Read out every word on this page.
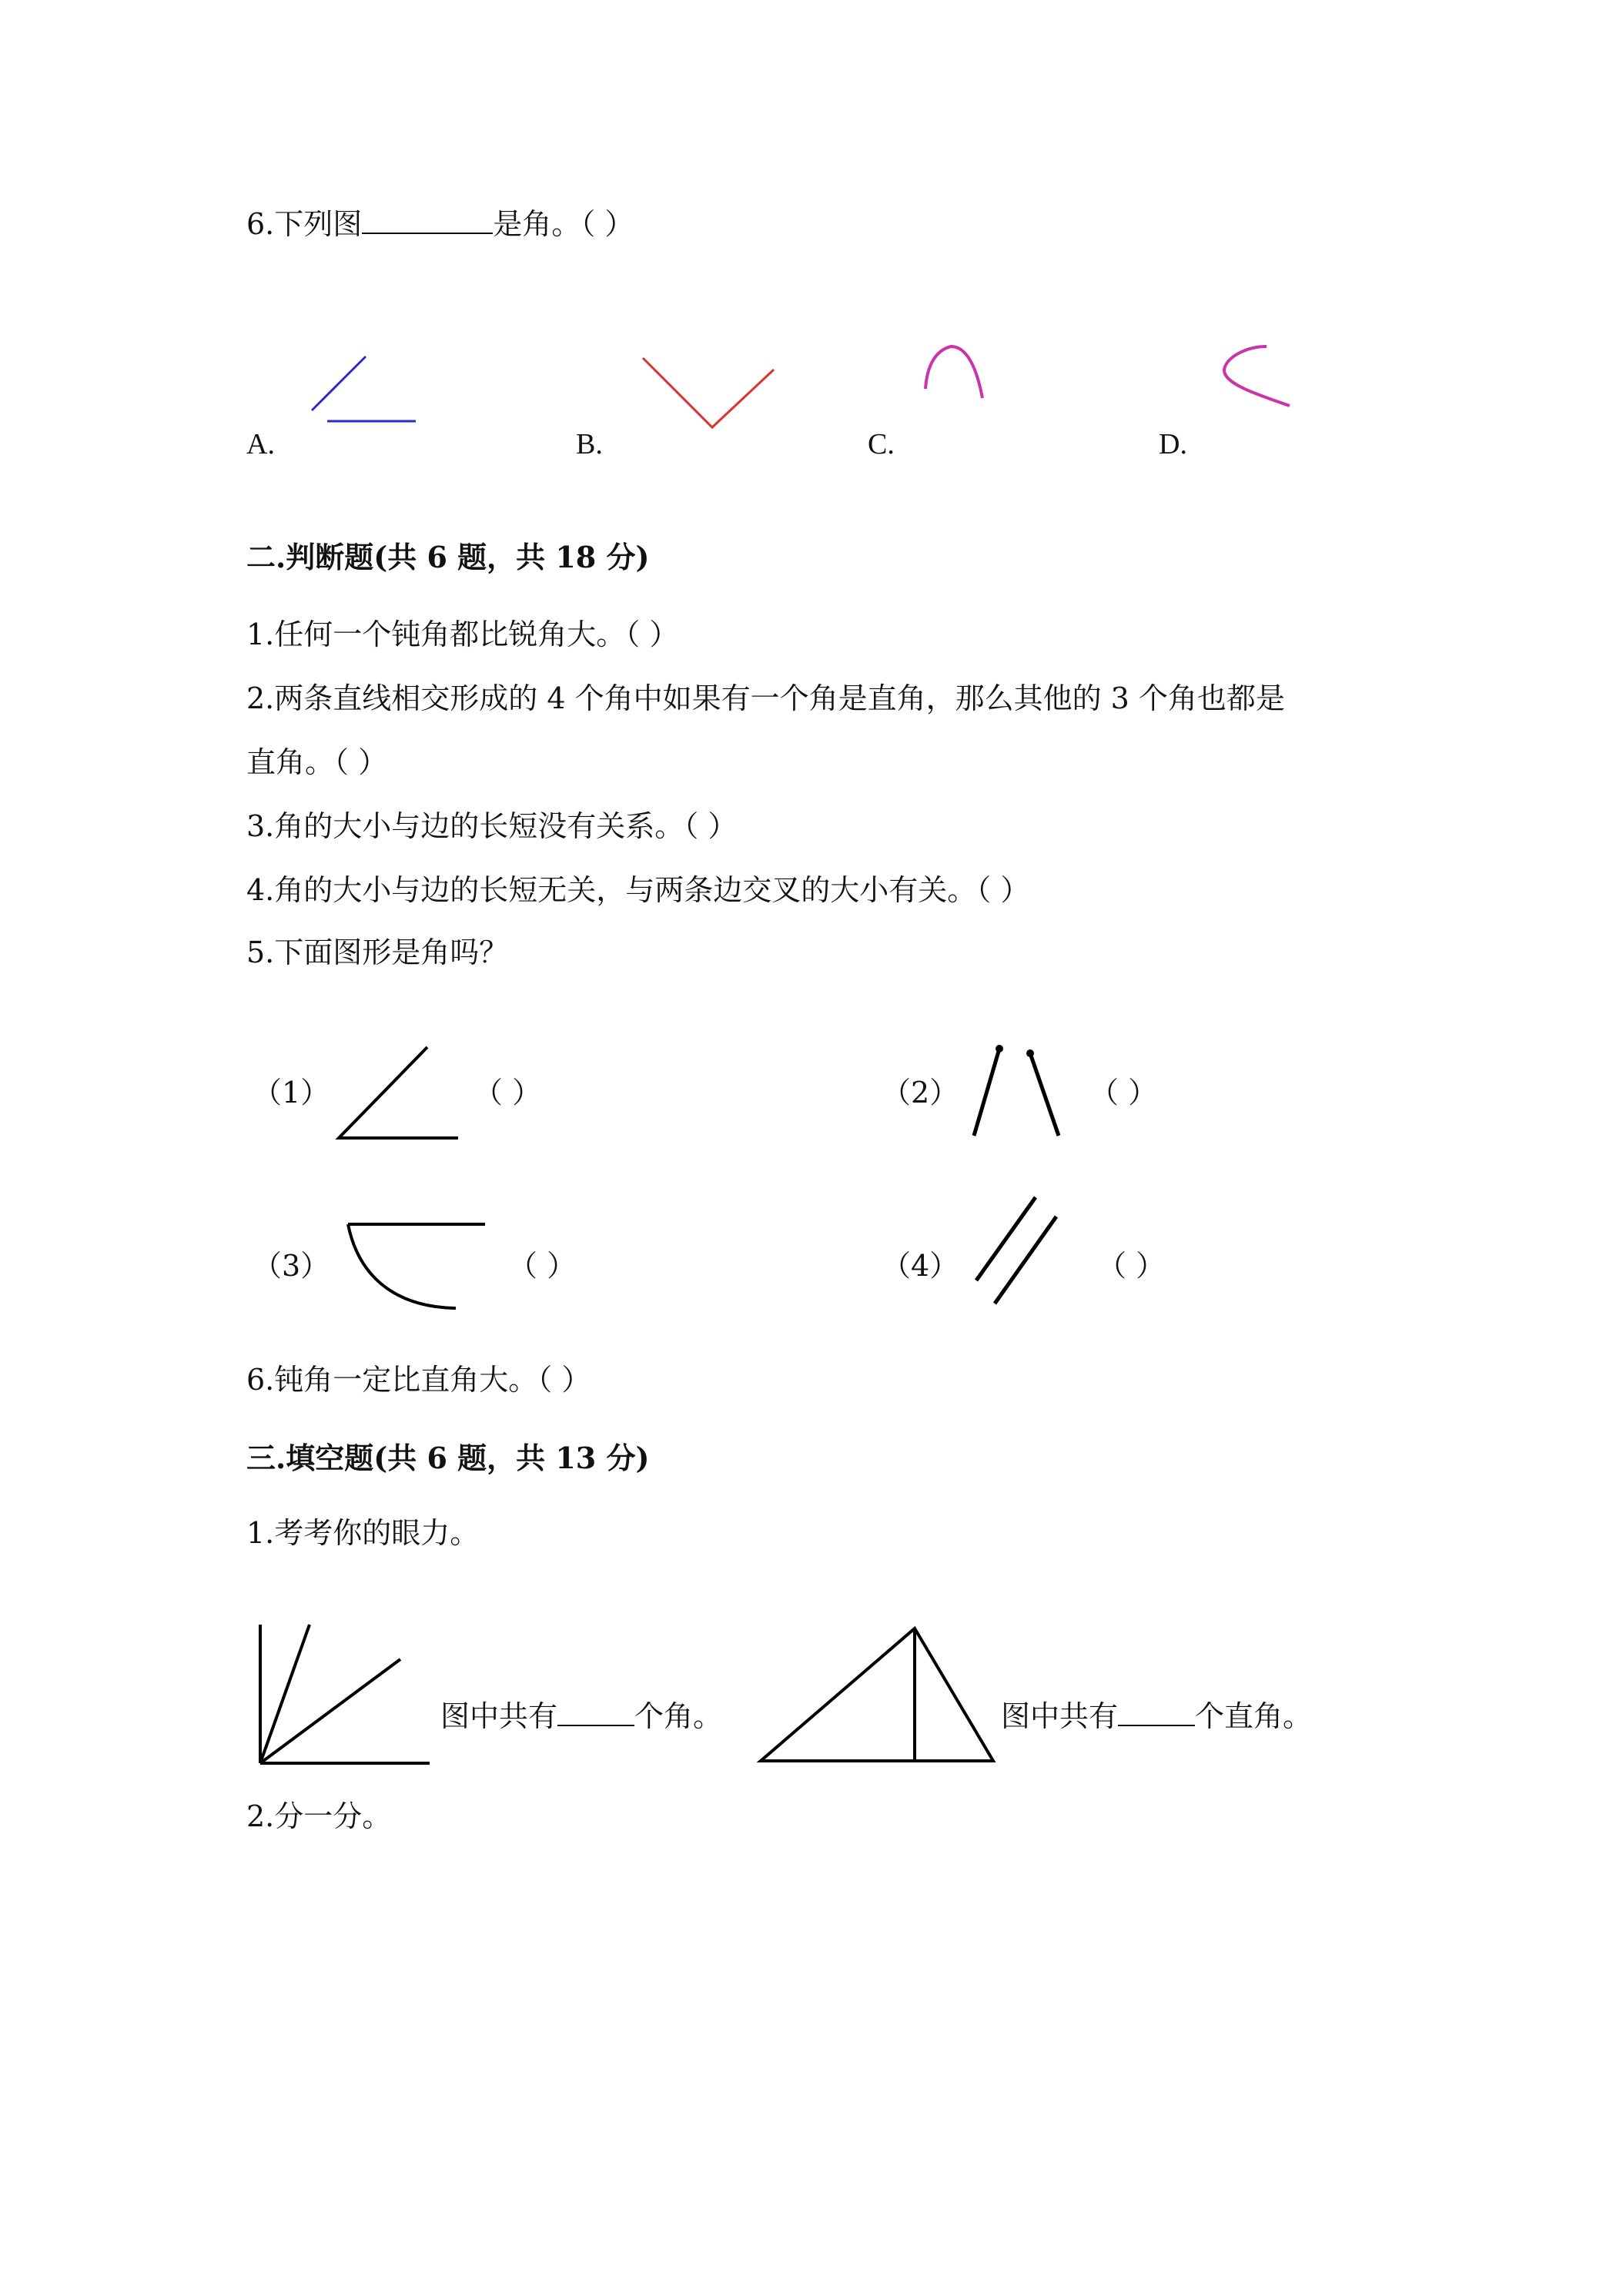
6.下列图	是角。（ ）
A.	B.	C.	D.
二.判断题(共 6 题，共 18 分)
1.任何一个钝角都比锐角大。（ ）
2.两条直线相交形成的 4 个角中如果有一个角是直角，那么其他的 3 个角也都是
直角。（ ）
3.角的大小与边的长短没有关系。（ ）
4.角的大小与边的长短无关，与两条边交叉的大小有关。（ ）
5.下面图形是角吗？
（1）	（ ）	（2）	（ ）
（3）	（ ）	（4）	（ ）
6.钝角一定比直角大。（ ）
三.填空题(共 6 题，共 13 分)
1.考考你的眼力。
图中共有	个角。	图中共有	个直角。
2.分一分。
